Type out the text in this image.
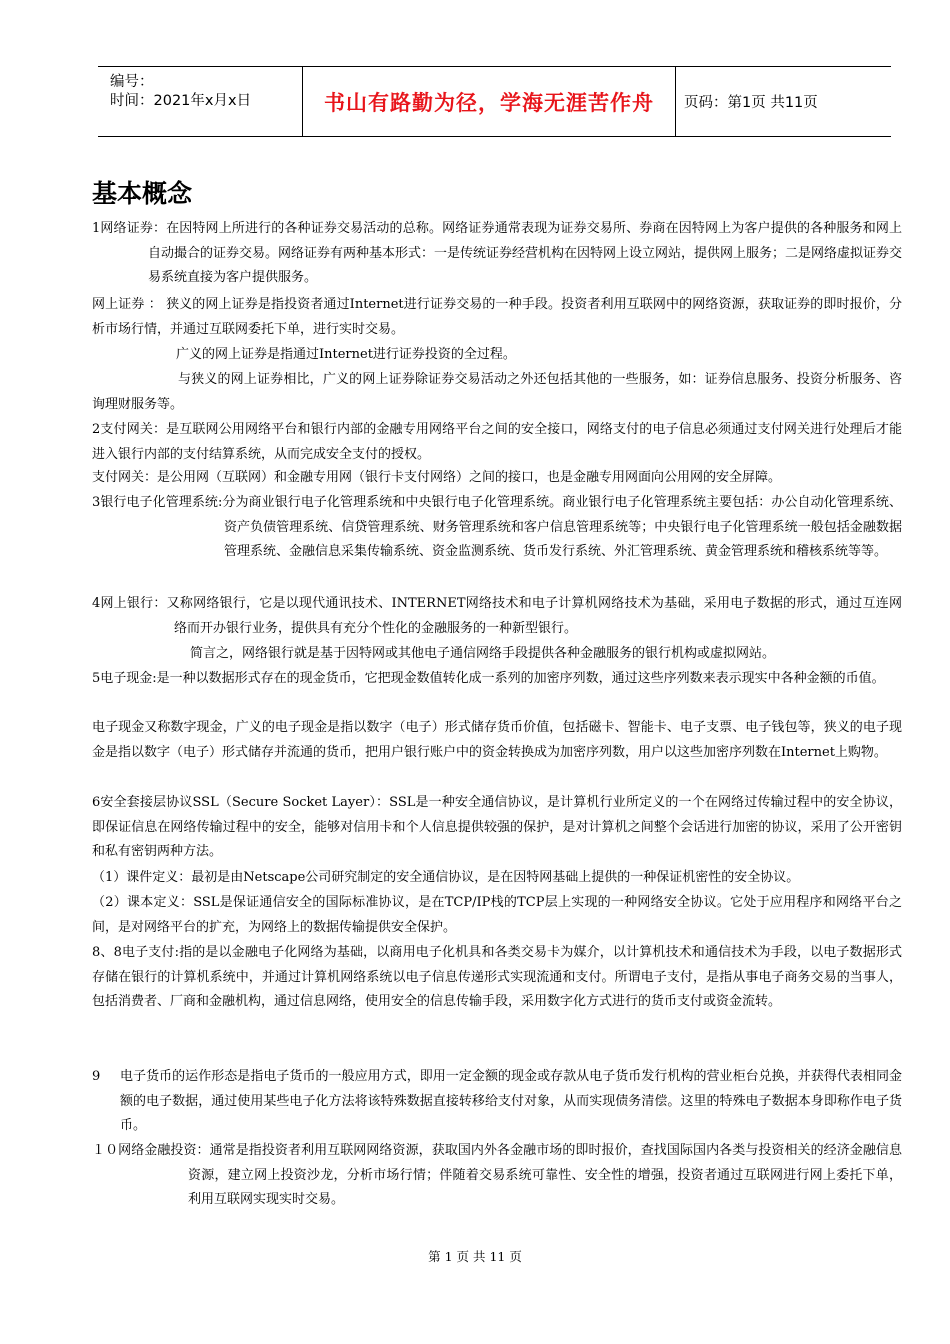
编号：
时间：2021年x月x日	书山有路勤为径，学海无涯苦作舟	页码：第1页 共11页
基本概念

1网络证券：在因特网上所进行的各种证券交易活动的总称。网络证券通常表现为证券交易所、券商在因特网上为客户提供的各种服务和网上自动撮合的证券交易。网络证券有两种基本形式：一是传统证券经营机构在因特网上设立网站，提供网上服务；二是网络虚拟证券交易系统直接为客户提供服务。

网上证券 ： 狭义的网上证券是指投资者通过Internet进行证券交易的一种手段。投资者利用互联网中的网络资源，获取证券的即时报价，分析市场行情，并通过互联网委托下单，进行实时交易。

广义的网上证券是指通过Internet进行证券投资的全过程。

与狭义的网上证券相比，广义的网上证券除证券交易活动之外还包括其他的一些服务，如：证券信息服务、投资分析服务、咨询理财服务等。

2支付网关：是互联网公用网络平台和银行内部的金融专用网络平台之间的安全接口，网络支付的电子信息必须通过支付网关进行处理后才能进入银行内部的支付结算系统，从而完成安全支付的授权。

支付网关：是公用网（互联网）和金融专用网（银行卡支付网络）之间的接口，也是金融专用网面向公用网的安全屏障。

3银行电子化管理系统:分为商业银行电子化管理系统和中央银行电子化管理系统。商业银行电子化管理系统主要包括：办公自动化管理系统、资产负债管理系统、信贷管理系统、财务管理系统和客户信息管理系统等；中央银行电子化管理系统一般包括金融数据管理系统、金融信息采集传输系统、资金监测系统、货币发行系统、外汇管理系统、黄金管理系统和稽核系统等等。

4网上银行：又称网络银行，它是以现代通讯技术、INTERNET网络技术和电子计算机网络技术为基础，采用电子数据的形式，通过互连网络而开办银行业务，提供具有充分个性化的金融服务的一种新型银行。

简言之，网络银行就是基于因特网或其他电子通信网络手段提供各种金融服务的银行机构或虚拟网站。

5电子现金:是一种以数据形式存在的现金货币，它把现金数值转化成一系列的加密序列数，通过这些序列数来表示现实中各种金额的币值。

电子现金又称数字现金，广义的电子现金是指以数字（电子）形式储存货币价值，包括磁卡、智能卡、电子支票、电子钱包等，狭义的电子现金是指以数字（电子）形式储存并流通的货币，把用户银行账户中的资金转换成为加密序列数，用户以这些加密序列数在Internet上购物。

6安全套接层协议SSL（Secure Socket Layer）：SSL是一种安全通信协议，是计算机行业所定义的一个在网络过传输过程中的安全协议，即保证信息在网络传输过程中的安全，能够对信用卡和个人信息提供较强的保护，是对计算机之间整个会话进行加密的协议，采用了公开密钥和私有密钥两种方法。

（1）课件定义：最初是由Netscape公司研究制定的安全通信协议，是在因特网基础上提供的一种保证机密性的安全协议。

（2）课本定义：SSL是保证通信安全的国际标准协议，是在TCP/IP栈的TCP层上实现的一种网络安全协议。它处于应用程序和网络平台之间，是对网络平台的扩充，为网络上的数据传输提供安全保护。

8、8电子支付:指的是以金融电子化网络为基础，以商用电子化机具和各类交易卡为媒介，以计算机技术和通信技术为手段，以电子数据形式存储在银行的计算机系统中，并通过计算机网络系统以电子信息传递形式实现流通和支付。所谓电子支付，是指从事电子商务交易的当事人，包括消费者、厂商和金融机构，通过信息网络，使用安全的信息传输手段，采用数字化方式进行的货币支付或资金流转。

9 电子货币的运作形态是指电子货币的一般应用方式，即用一定金额的现金或存款从电子货币发行机构的营业柜台兑换，并获得代表相同金额的电子数据，通过使用某些电子化方法将该特殊数据直接转移给支付对象，从而实现债务清偿。这里的特殊电子数据本身即称作电子货币。

１０网络金融投资：通常是指投资者利用互联网网络资源，获取国内外各金融市场的即时报价，查找国际国内各类与投资相关的经济金融信息资源，建立网上投资沙龙，分析市场行情；伴随着交易系统可靠性、安全性的增强，投资者通过互联网进行网上委托下单，利用互联网实现实时交易。

第 1 页 共 11 页
